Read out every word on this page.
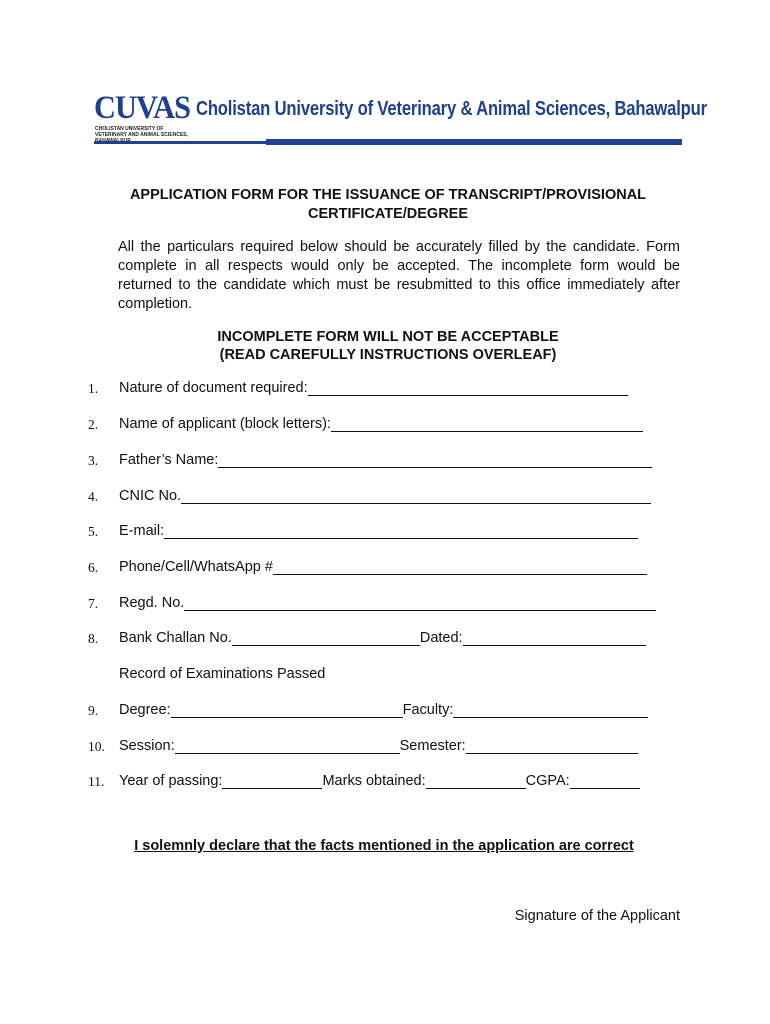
CUVAS
CHOLISTAN UNIVERSITY OF VETERINARY AND ANIMAL SCIENCES,
Cholistan University of Veterinary & Animal Sciences, Bahawalpur
APPLICATION FORM FOR THE ISSUANCE OF TRANSCRIPT/PROVISIONAL
CERTIFICATE/DEGREE
All the particulars required below should be accurately filled by the candidate. Form complete in all respects would only be accepted. The incomplete form would be returned to the candidate which must be resubmitted to this office immediately after completion.
INCOMPLETE FORM WILL NOT BE ACCEPTABLE
(READ CAREFULLY INSTRUCTIONS OVERLEAF)
1. Nature of document required:
2. Name of applicant (block letters):
3. Father’s Name:
4. CNIC No.
5. E-mail:
6. Phone/Cell/WhatsApp #
7. Regd. No.
8. Bank Challan No.	Dated:
Record of Examinations Passed
9. Degree:	Faculty:
10. Session:	Semester:
11. Year of passing:	Marks obtained:	CGPA:
I solemnly declare that the facts mentioned in the application are correct
Signature of the Applicant
